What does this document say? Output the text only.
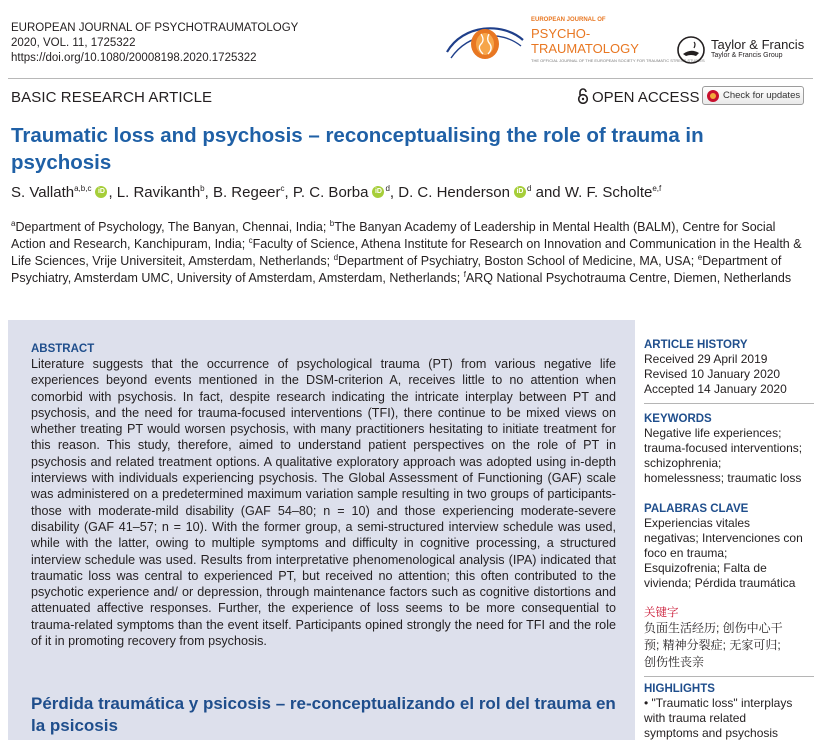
EUROPEAN JOURNAL OF PSYCHOTRAUMATOLOGY
2020, VOL. 11, 1725322
https://doi.org/10.1080/20008198.2020.1725322
EUROPEAN JOURNAL OF
PSYCHO-
TRAUMATOLOGY
THE OFFICIAL JOURNAL OF THE EUROPEAN SOCIETY FOR TRAUMATIC STRESS STUDIES
Taylor & Francis
Taylor & Francis Group
BASIC RESEARCH ARTICLE	OPEN ACCESS Check for updates
Traumatic loss and psychosis – reconceptualising the role of trauma in psychosis
S. Vallath$^{a,b,c}$ iD , L. Ravikanth$^b$, B. Regeer$^c$, P. C. Borba iD $^d$, D. C. Henderson iD $^d$ and W. F. Scholte$^{e,f}$
$^a$Department of Psychology, The Banyan, Chennai, India; $^b$The Banyan Academy of Leadership in Mental Health (BALM), Centre for Social Action and Research, Kanchipuram, India; $^c$Faculty of Science, Athena Institute for Research on Innovation and Communication in the Health & Life Sciences, Vrije Universiteit, Amsterdam, Netherlands; $^d$Department of Psychiatry, Boston School of Medicine, MA, USA; $^e$Department of Psychiatry, Amsterdam UMC, University of Amsterdam, Amsterdam, Netherlands; $^f$ARQ National Psychotrauma Centre, Diemen, Netherlands
ABSTRACT
Literature suggests that the occurrence of psychological trauma (PT) from various negative life experiences beyond events mentioned in the DSM-criterion A, receives little to no attention when comorbid with psychosis. In fact, despite research indicating the intricate interplay between PT and psychosis, and the need for trauma-focused interventions (TFI), there continue to be mixed views on whether treating PT would worsen psychosis, with many practitioners hesitating to initiate treatment for this reason. This study, therefore, aimed to understand patient perspectives on the role of PT in psychosis and related treatment options. A qualitative exploratory approach was adopted using in-depth interviews with individuals experiencing psychosis. The Global Assessment of Functioning (GAF) scale was administered on a predetermined maximum variation sample resulting in two groups of participants- those with moderate-mild disability (GAF 54–80; n = 10) and those experiencing moderate-severe disability (GAF 41–57; n = 10). With the former group, a semi-structured interview schedule was used, while with the latter, owing to multiple symptoms and difficulty in cognitive processing, a structured interview schedule was used. Results from interpretative phenomenological analysis (IPA) indicated that traumatic loss was central to experienced PT, but received no attention; this often contributed to the psychotic experience and/ or depression, through maintenance factors such as cognitive distortions and attenuated affective responses. Further, the experience of loss seems to be more consequential to trauma-related symptoms than the event itself. Participants opined strongly the need for TFI and the role of it in promoting recovery from psychosis.
Pérdida traumática y psicosis – re-conceptualizando el rol del trauma en la psicosis
ARTICLE HISTORY
Received 29 April 2019
Revised 10 January 2020
Accepted 14 January 2020
KEYWORDS
Negative life experiences; trauma-focused interventions; schizophrenia; homelessness; traumatic loss
PALABRAS CLAVE
Experiencias vitales negativas; Intervenciones con foco en trauma; Esquizofrenia; Falta de vivienda; Pérdida traumática
关键字
负面生活经历; 创伤中心干预; 精神分裂症; 无家可归; 创伤性丧亲
HIGHLIGHTS
• "Traumatic loss" interplays with trauma related symptoms and psychosis
